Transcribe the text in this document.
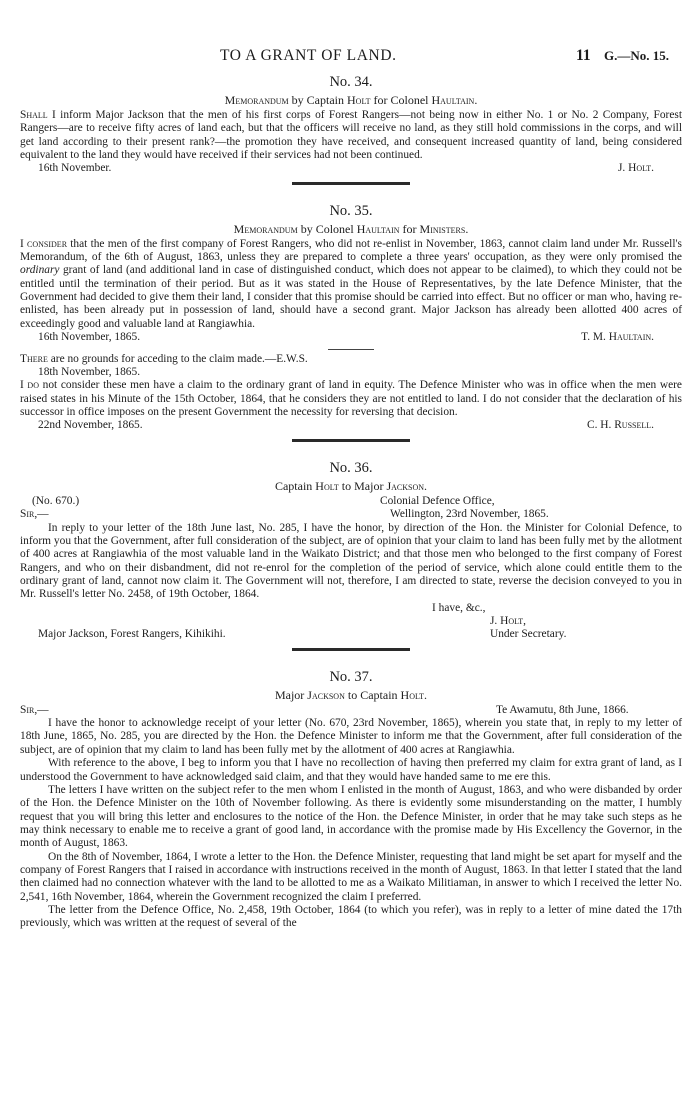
TO A GRANT OF LAND.	11 G.—No. 15.
No. 34.
Memorandum by Captain Holt for Colonel Haultain.

Shall I inform Major Jackson that the men of his first corps of Forest Rangers—not being now in either No. 1 or No. 2 Company, Forest Rangers—are to receive fifty acres of land each, but that the officers will receive no land, as they still hold commissions in the corps, and will get land according to their present rank?—the promotion they have received, and consequent increased quantity of land, being considered equivalent to the land they would have received if their services had not been continued.

16th November.	J. Holt.
No. 35.
Memorandum by Colonel Haultain for Ministers.

I consider that the men of the first company of Forest Rangers, who did not re-enlist in November, 1863, cannot claim land under Mr. Russell's Memorandum, of the 6th of August, 1863, unless they are prepared to complete a three years' occupation, as they were only promised the ordinary grant of land (and additional land in case of distinguished conduct, which does not appear to be claimed), to which they could not be entitled until the termination of their period. But as it was stated in the House of Representatives, by the late Defence Minister, that the Government had decided to give them their land, I consider that this promise should be carried into effect. But no officer or man who, having re-enlisted, has been already put in possession of land, should have a second grant. Major Jackson has already been allotted 400 acres of exceedingly good and valuable land at Rangiawhia.

16th November, 1865.	T. M. Haultain.

There are no grounds for acceding to the claim made.—E.W.S.

18th November, 1865.

I do not consider these men have a claim to the ordinary grant of land in equity. The Defence Minister who was in office when the men were raised states in his Minute of the 15th October, 1864, that he considers they are not entitled to land. I do not consider that the declaration of his successor in office imposes on the present Government the necessity for reversing that decision.

22nd November, 1865.	C. H. Russell.
No. 36.
Captain Holt to Major Jackson.
(No. 670.)	Colonial Defence Office,
Sir,—	Wellington, 23rd November, 1865.

In reply to your letter of the 18th June last, No. 285, I have the honor, by direction of the Hon. the Minister for Colonial Defence, to inform you that the Government, after full consideration of the subject, are of opinion that your claim to land has been fully met by the allotment of 400 acres at Rangiawhia of the most valuable land in the Waikato District; and that those men who belonged to the first company of Forest Rangers, and who on their disbandment, did not re-enrol for the completion of the period of service, which alone could entitle them to the ordinary grant of land, cannot now claim it. The Government will not, therefore, I am directed to state, reverse the decision conveyed to you in Mr. Russell's letter No. 2458, of 19th October, 1864.

I have, &c.,
J. Holt,
Major Jackson, Forest Rangers, Kihikihi.	Under Secretary.
No. 37.
Major Jackson to Captain Holt.
Sir,—	Te Awamutu, 8th June, 1866.

I have the honor to acknowledge receipt of your letter (No. 670, 23rd November, 1865), wherein you state that, in reply to my letter of 18th June, 1865, No. 285, you are directed by the Hon. the Defence Minister to inform me that the Government, after full consideration of the subject, are of opinion that my claim to land has been fully met by the allotment of 400 acres at Rangiawhia.

With reference to the above, I beg to inform you that I have no recollection of having then preferred my claim for extra grant of land, as I understood the Government to have acknowledged said claim, and that they would have handed same to me ere this.

The letters I have written on the subject refer to the men whom I enlisted in the month of August, 1863, and who were disbanded by order of the Hon. the Defence Minister on the 10th of November following. As there is evidently some misunderstanding on the matter, I humbly request that you will bring this letter and enclosures to the notice of the Hon. the Defence Minister, in order that he may take such steps as he may think necessary to enable me to receive a grant of good land, in accordance with the promise made by His Excellency the Governor, in the month of August, 1863.

On the 8th of November, 1864, I wrote a letter to the Hon. the Defence Minister, requesting that land might be set apart for myself and the company of Forest Rangers that I raised in accordance with instructions received in the month of August, 1863. In that letter I stated that the land then claimed had no connection whatever with the land to be allotted to me as a Waikato Militiaman, in answer to which I received the letter No. 2,541, 16th November, 1864, wherein the Government recognized the claim I preferred.

The letter from the Defence Office, No. 2,458, 19th October, 1864 (to which you refer), was in reply to a letter of mine dated the 17th previously, which was written at the request of several of the
